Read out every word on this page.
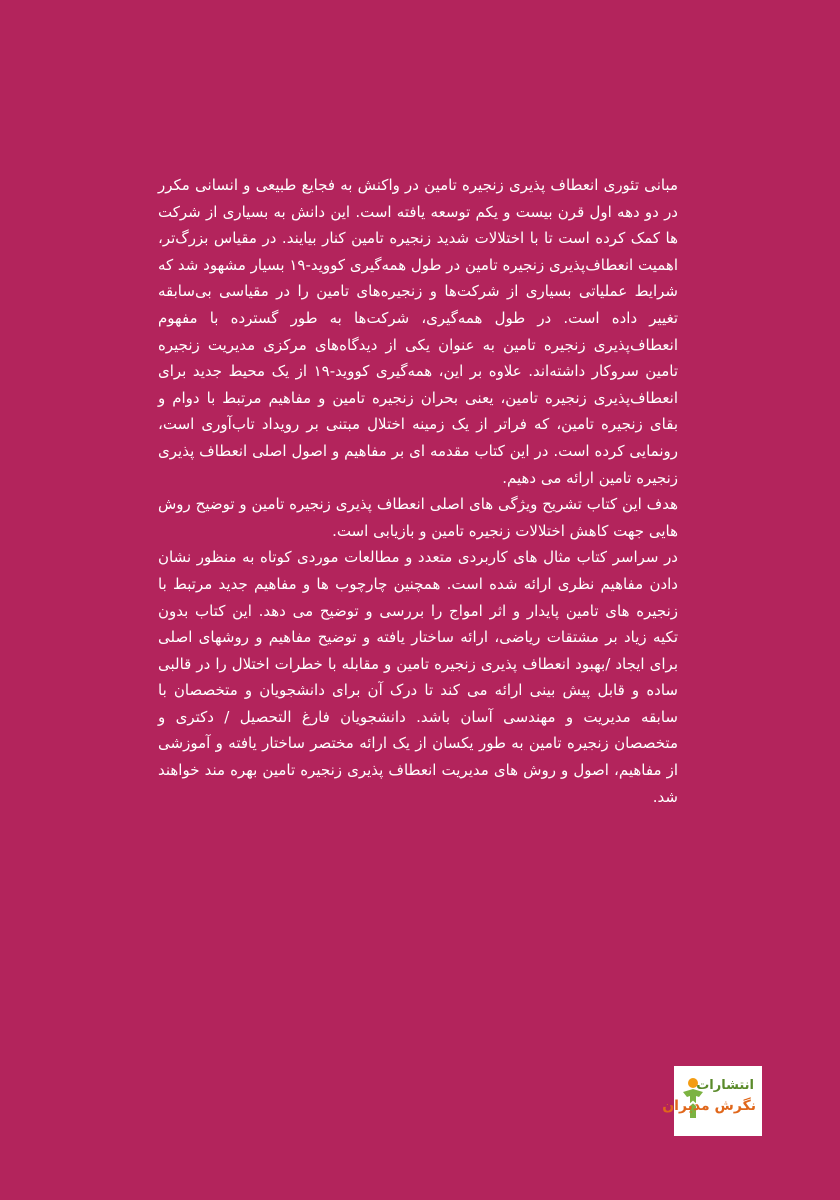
مبانی تئوری انعطاف پذیری زنجیره تامین در واکنش به فجایع طبیعی و انسانی مکرر در دو دهه اول قرن بیست و یکم توسعه یافته است. این دانش به بسیاری از شرکت ها کمک کرده است تا با اختلالات شدید زنجیره تامین کنار بیایند. در مقیاس بزرگ‌تر، اهمیت انعطاف‌پذیری زنجیره تامین در طول همه‌گیری کووید-۱۹ بسیار مشهود شد که شرایط عملیاتی بسیاری از شرکت‌ها و زنجیره‌های تامین را در مقیاسی بی‌سابقه تغییر داده است. در طول همه‌گیری، شرکت‌ها به طور گسترده با مفهوم انعطاف‌پذیری زنجیره تامین به عنوان یکی از دیدگاه‌های مرکزی مدیریت زنجیره تامین سروکار داشته‌اند. علاوه بر این، همه‌گیری کووید-۱۹ از یک محیط جدید برای انعطاف‌پذیری زنجیره تامین، یعنی بحران زنجیره تامین و مفاهیم مرتبط با دوام و بقای زنجیره تامین، که فراتر از یک زمینه اختلال مبتنی بر رویداد تاب‌آوری است، رونمایی کرده است. در این کتاب مقدمه ای بر مفاهیم و اصول اصلی انعطاف پذیری زنجیره تامین ارائه می دهیم.

هدف این کتاب تشریح ویژگی های اصلی انعطاف پذیری زنجیره تامین و توضیح روش هایی جهت کاهش اختلالات زنجیره تامین و بازیابی است.

در سراسر کتاب مثال های کاربردی متعدد و مطالعات موردی کوتاه به منظور نشان دادن مفاهیم نظری ارائه شده است. همچنین چارچوب ها و مفاهیم جدید مرتبط با زنجیره های تامین پایدار و اثر امواج را بررسی و توضیح می دهد. این کتاب بدون تکیه زیاد بر مشتقات ریاضی، ارائه ساختار یافته و توضیح مفاهیم و روشهای اصلی برای ایجاد /بهبود انعطاف پذیری زنجیره تامین و مقابله با خطرات اختلال را در قالبی ساده و قابل پیش بینی ارائه می کند تا درک آن برای دانشجویان و متخصصان با سابقه مدیریت و مهندسی آسان باشد. دانشجویان فارغ التحصیل / دکتری و متخصصان زنجیره تامین به طور یکسان از یک ارائه مختصر ساختار یافته و آموزشی از مفاهیم، اصول و روش های مدیریت انعطاف پذیری زنجیره تامین بهره مند خواهند شد.

انتشارات
نگرش مدیران
